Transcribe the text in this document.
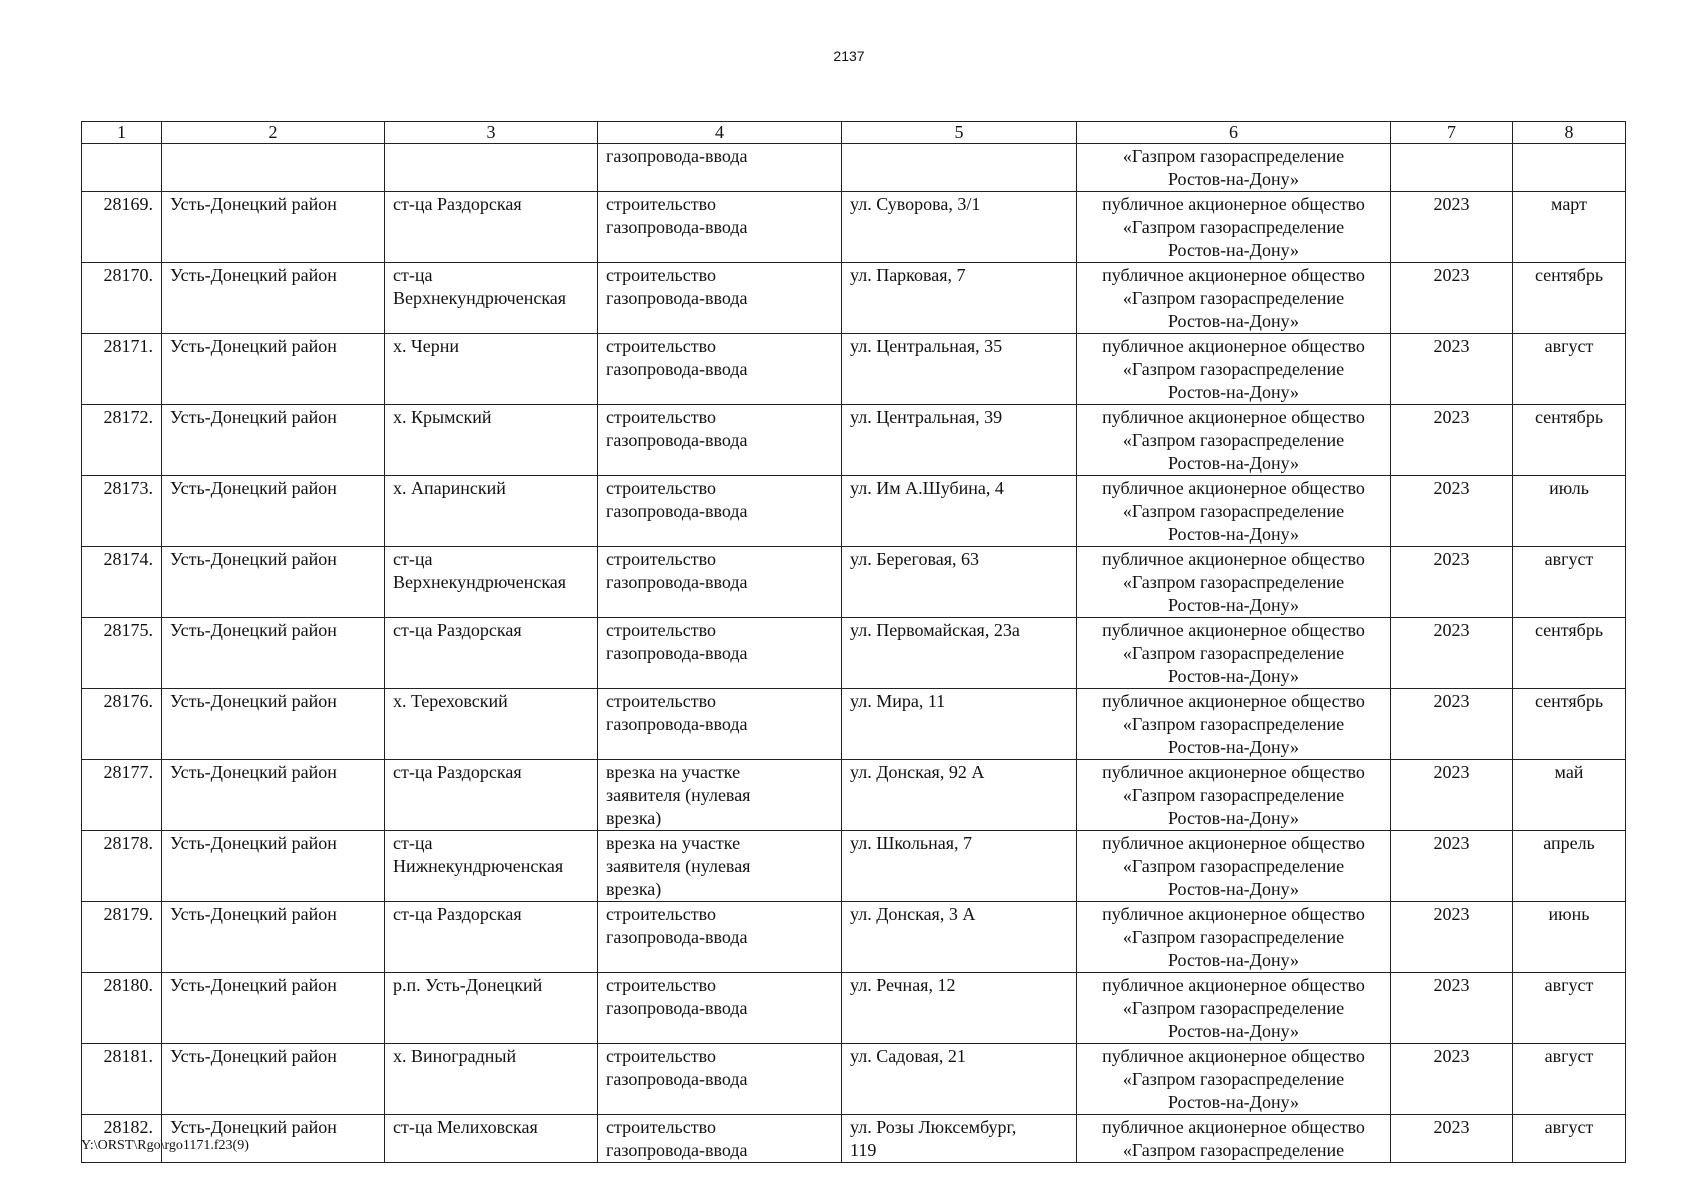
2137
1	2	3	4	5	6	7	8

			газопровода-ввода		«Газпром газораспределение
Ростов-на-Дону»		

28169.	Усть-Донецкий район	ст-ца Раздорская	строительство
газопровода-ввода	ул. Суворова, 3/1	публичное акционерное общество
«Газпром газораспределение
Ростов-на-Дону»	2023	март
28170.	Усть-Донецкий район	ст-ца
Верхнекундрюченская	строительство
газопровода-ввода	ул. Парковая, 7	публичное акционерное общество
«Газпром газораспределение
Ростов-на-Дону»	2023	сентябрь
28171.	Усть-Донецкий район	х. Черни	строительство
газопровода-ввода	ул. Центральная, 35	публичное акционерное общество
«Газпром газораспределение
Ростов-на-Дону»	2023	август
28172.	Усть-Донецкий район	х. Крымский	строительство
газопровода-ввода	ул. Центральная, 39	публичное акционерное общество
«Газпром газораспределение
Ростов-на-Дону»	2023	сентябрь
28173.	Усть-Донецкий район	х. Апаринский	строительство
газопровода-ввода	ул. Им А.Шубина, 4	публичное акционерное общество
«Газпром газораспределение
Ростов-на-Дону»	2023	июль
28174.	Усть-Донецкий район	ст-ца
Верхнекундрюченская	строительство
газопровода-ввода	ул. Береговая, 63	публичное акционерное общество
«Газпром газораспределение
Ростов-на-Дону»	2023	август
28175.	Усть-Донецкий район	ст-ца Раздорская	строительство
газопровода-ввода	ул. Первомайская, 23а	публичное акционерное общество
«Газпром газораспределение
Ростов-на-Дону»	2023	сентябрь
28176.	Усть-Донецкий район	х. Тереховский	строительство
газопровода-ввода	ул. Мира, 11	публичное акционерное общество
«Газпром газораспределение
Ростов-на-Дону»	2023	сентябрь
28177.	Усть-Донецкий район	ст-ца Раздорская	врезка на участке
заявителя (нулевая
врезка)	ул. Донская, 92 А	публичное акционерное общество
«Газпром газораспределение
Ростов-на-Дону»	2023	май
28178.	Усть-Донецкий район	ст-ца
Нижнекундрюченская	врезка на участке
заявителя (нулевая
врезка)	ул. Школьная, 7	публичное акционерное общество
«Газпром газораспределение
Ростов-на-Дону»	2023	апрель
28179.	Усть-Донецкий район	ст-ца Раздорская	строительство
газопровода-ввода	ул. Донская, 3 А	публичное акционерное общество
«Газпром газораспределение
Ростов-на-Дону»	2023	июнь
28180.	Усть-Донецкий район	р.п. Усть-Донецкий	строительство
газопровода-ввода	ул. Речная, 12	публичное акционерное общество
«Газпром газораспределение
Ростов-на-Дону»	2023	август
28181.	Усть-Донецкий район	х. Виноградный	строительство
газопровода-ввода	ул. Садовая, 21	публичное акционерное общество
«Газпром газораспределение
Ростов-на-Дону»	2023	август
28182.	Усть-Донецкий район	ст-ца Мелиховская	строительство
газопровода-ввода	ул. Розы Люксембург,
119	публичное акционерное общество
«Газпром газораспределение	2023	август
Y:\ORST\Rgo\rgo1171.f23(9)
